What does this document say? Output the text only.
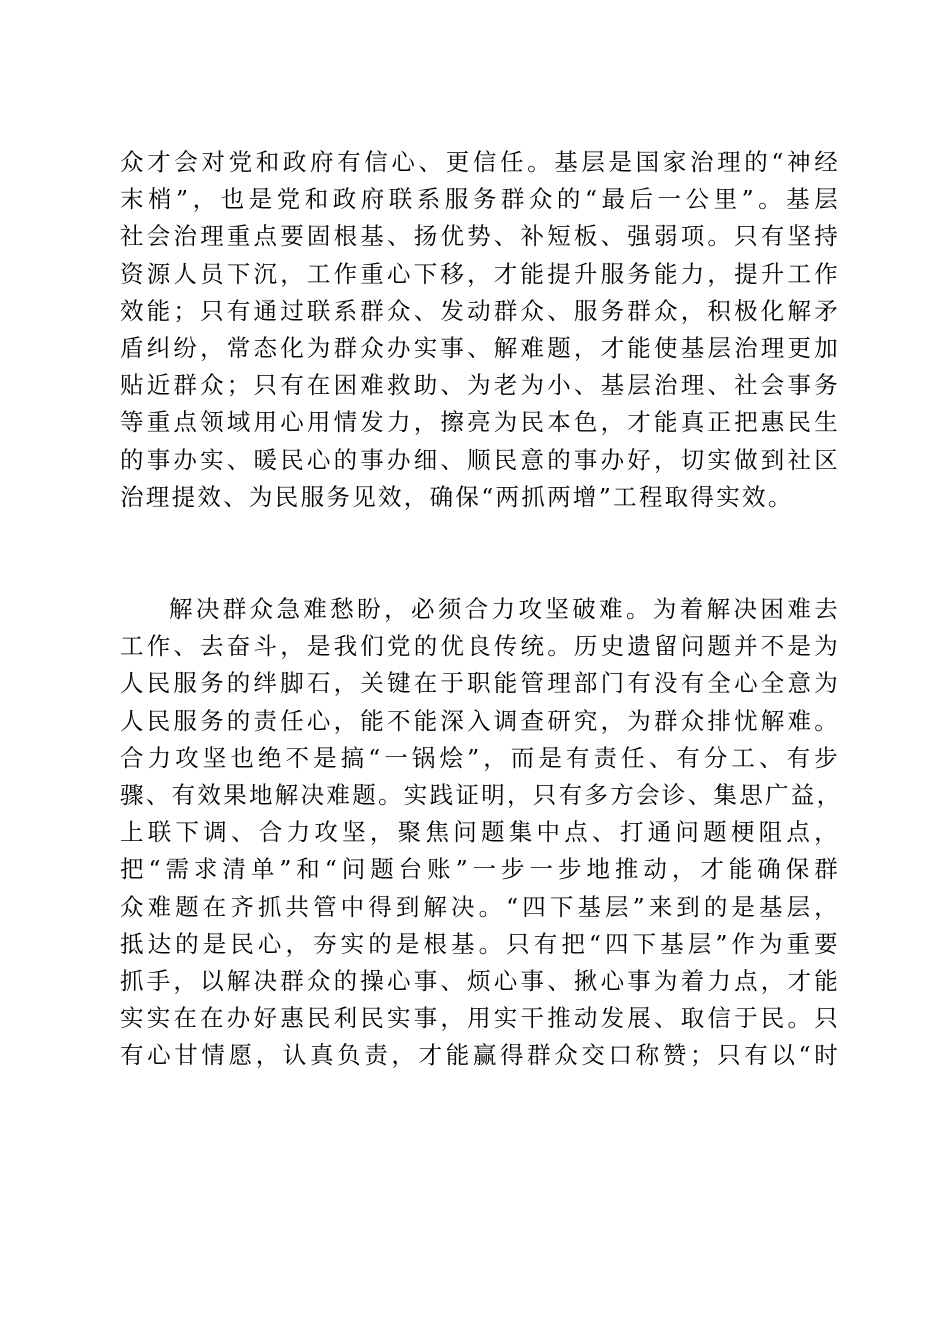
众才会对党和政府有信心、更信任。基层是国家治理的“神经
末梢”，也是党和政府联系服务群众的“最后一公里”。基层
社会治理重点要固根基、扬优势、补短板、强弱项。只有坚持
资源人员下沉，工作重心下移，才能提升服务能力，提升工作
效能；只有通过联系群众、发动群众、服务群众，积极化解矛
盾纠纷，常态化为群众办实事、解难题，才能使基层治理更加
贴近群众；只有在困难救助、为老为小、基层治理、社会事务
等重点领域用心用情发力，擦亮为民本色，才能真正把惠民生
的事办实、暖民心的事办细、顺民意的事办好，切实做到社区
治理提效、为民服务见效，确保“两抓两增”工程取得实效。
解决群众急难愁盼，必须合力攻坚破难。为着解决困难去
工作、去奋斗，是我们党的优良传统。历史遗留问题并不是为
人民服务的绊脚石，关键在于职能管理部门有没有全心全意为
人民服务的责任心，能不能深入调查研究，为群众排忧解难。
合力攻坚也绝不是搞“一锅烩”，而是有责任、有分工、有步
骤、有效果地解决难题。实践证明，只有多方会诊、集思广益，
上联下调、合力攻坚，聚焦问题集中点、打通问题梗阻点，
把“需求清单”和“问题台账”一步一步地推动，才能确保群
众难题在齐抓共管中得到解决。“四下基层”来到的是基层，
抵达的是民心，夯实的是根基。只有把“四下基层”作为重要
抓手，以解决群众的操心事、烦心事、揪心事为着力点，才能
实实在在办好惠民利民实事，用实干推动发展、取信于民。只
有心甘情愿，认真负责，才能赢得群众交口称赞；只有以“时
